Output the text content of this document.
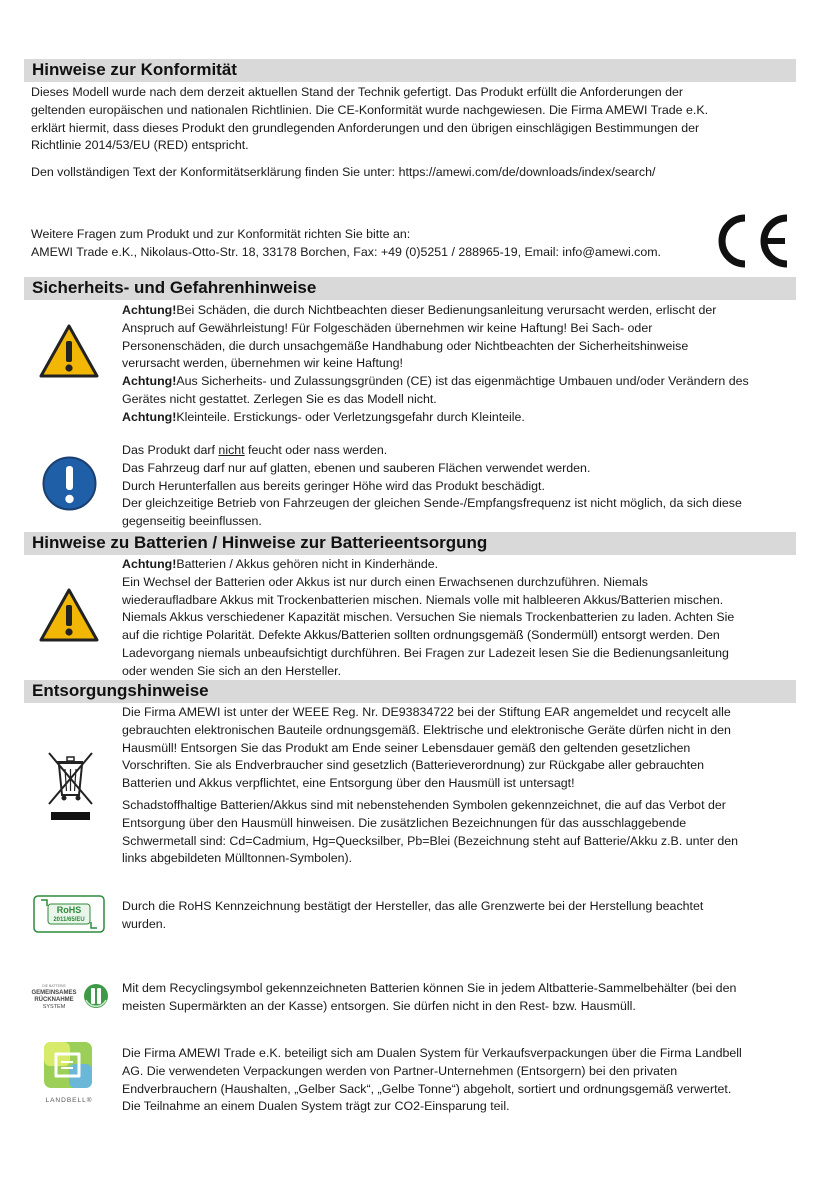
Hinweise zur Konformität
Dieses Modell wurde nach dem derzeit aktuellen Stand der Technik gefertigt. Das Produkt erfüllt die Anforderungen der
geltenden europäischen und nationalen Richtlinien. Die CE-Konformität wurde nachgewiesen. Die Firma AMEWI Trade e.K.
erklärt hiermit, dass dieses Produkt den grundlegenden Anforderungen und den übrigen einschlägigen Bestimmungen der
Richtlinie 2014/53/EU (RED) entspricht.
Den vollständigen Text der Konformitätserklärung finden Sie unter: https://amewi.com/de/downloads/index/search/
Weitere Fragen zum Produkt und zur Konformität richten Sie bitte an:
AMEWI Trade e.K., Nikolaus-Otto-Str. 18, 33178 Borchen, Fax: +49 (0)5251 / 288965-19, Email: info@amewi.com.
Sicherheits- und Gefahrenhinweise
Achtung!Bei Schäden, die durch Nichtbeachten dieser Bedienungsanleitung verursacht werden, erlischt der
Anspruch auf Gewährleistung! Für Folgeschäden übernehmen wir keine Haftung! Bei Sach- oder
Personenschäden, die durch unsachgemäße Handhabung oder Nichtbeachten der Sicherheitshinweise
verursacht werden, übernehmen wir keine Haftung!
Achtung!Aus Sicherheits- und Zulassungsgründen (CE) ist das eigenmächtige Umbauen und/oder Verändern des
Gerätes nicht gestattet. Zerlegen Sie es das Modell nicht.
Achtung!Kleinteile. Erstickungs- oder Verletzungsgefahr durch Kleinteile.
Das Produkt darf nicht feucht oder nass werden.
Das Fahrzeug darf nur auf glatten, ebenen und sauberen Flächen verwendet werden.
Durch Herunterfallen aus bereits geringer Höhe wird das Produkt beschädigt.
Der gleichzeitige Betrieb von Fahrzeugen der gleichen Sende-/Empfangsfrequenz ist nicht möglich, da sich diese
gegenseitig beeinflussen.
Hinweise zu Batterien / Hinweise zur Batterieentsorgung
Achtung!Batterien / Akkus gehören nicht in Kinderhände.
Ein Wechsel der Batterien oder Akkus ist nur durch einen Erwachsenen durchzuführen. Niemals
wiederaufladbare Akkus mit Trockenbatterien mischen. Niemals volle mit halbleeren Akkus/Batterien mischen.
Niemals Akkus verschiedener Kapazität mischen. Versuchen Sie niemals Trockenbatterien zu laden. Achten Sie
auf die richtige Polarität. Defekte Akkus/Batterien sollten ordnungsgemäß (Sondermüll) entsorgt werden. Den
Ladevorgang niemals unbeaufsichtigt durchführen. Bei Fragen zur Ladezeit lesen Sie die Bedienungsanleitung
oder wenden Sie sich an den Hersteller.
Entsorgungshinweise
Die Firma AMEWI ist unter der WEEE Reg. Nr. DE93834722 bei der Stiftung EAR angemeldet und recycelt alle
gebrauchten elektronischen Bauteile ordnungsgemäß. Elektrische und elektronische Geräte dürfen nicht in den
Hausmüll! Entsorgen Sie das Produkt am Ende seiner Lebensdauer gemäß den geltenden gesetzlichen
Vorschriften. Sie als Endverbraucher sind gesetzlich (Batterieverordnung) zur Rückgabe aller gebrauchten
Batterien und Akkus verpflichtet, eine Entsorgung über den Hausmüll ist untersagt!
Schadstoffhaltige Batterien/Akkus sind mit nebenstehenden Symbolen gekennzeichnet, die auf das Verbot der
Entsorgung über den Hausmüll hinweisen. Die zusätzlichen Bezeichnungen für das ausschlaggebende
Schwermetall sind: Cd=Cadmium, Hg=Quecksilber, Pb=Blei (Bezeichnung steht auf Batterie/Akku z.B. unter den
links abgebildeten Mülltonnen-Symbolen).
Durch die RoHS Kennzeichnung bestätigt der Hersteller, das alle Grenzwerte bei der Herstellung beachtet
wurden.
RoHS
2011/65/EU
Mit dem Recyclingsymbol gekennzeichneten Batterien können Sie in jedem Altbatterie-Sammelbehälter (bei den
meisten Supermärkten an der Kasse) entsorgen. Sie dürfen nicht in den Rest- bzw. Hausmüll.
DIE BATTERIE
GEMEINSAMES
RÜCKNAHME
SYSTEM
Die Firma AMEWI Trade e.K. beteiligt sich am Dualen System für Verkaufsverpackungen über die Firma Landbell
AG. Die verwendeten Verpackungen werden von Partner-Unternehmen (Entsorgern) bei den privaten
Endverbrauchern (Haushalten, „Gelber Sack“, „Gelbe Tonne“) abgeholt, sortiert und ordnungsgemäß verwertet.
Die Teilnahme an einem Dualen System trägt zur CO2-Einsparung teil.
LANDBELL®
